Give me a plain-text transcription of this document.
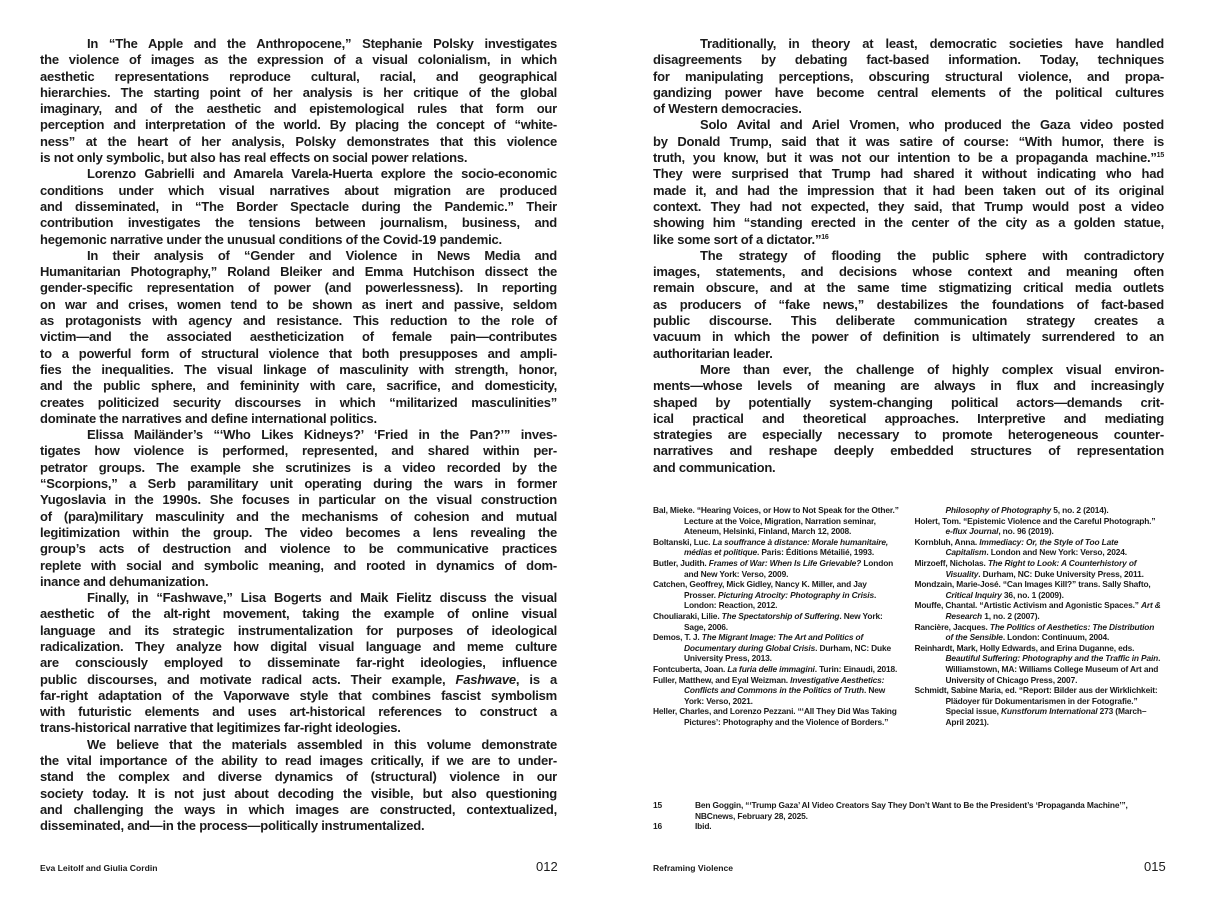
In “The Apple and the Anthropocene,” Stephanie Polsky investigates
the violence of images as the expression of a visual colonialism, in which
aesthetic representations reproduce cultural, racial, and geographical
hierarchies. The starting point of her analysis is her critique of the global
imaginary, and of the aesthetic and epistemological rules that form our
perception and interpretation of the world. By placing the concept of “white-
ness” at the heart of her analysis, Polsky demonstrates that this violence
is not only symbolic, but also has real effects on social power relations.
Lorenzo Gabrielli and Amarela Varela-Huerta explore the socio-economic
conditions under which visual narratives about migration are produced
and disseminated, in “The Border Spectacle during the Pandemic.” Their
contribution investigates the tensions between journalism, business, and
hegemonic narrative under the unusual conditions of the Covid-19 pandemic.
In their analysis of “Gender and Violence in News Media and
Humanitarian Photography,” Roland Bleiker and Emma Hutchison dissect the
gender-specific representation of power (and powerlessness). In reporting
on war and crises, women tend to be shown as inert and passive, seldom
as protagonists with agency and resistance. This reduction to the role of
victim—and the associated aestheticization of female pain—contributes
to a powerful form of structural violence that both presupposes and ampli-
fies the inequalities. The visual linkage of masculinity with strength, honor,
and the public sphere, and femininity with care, sacrifice, and domesticity,
creates politicized security discourses in which “militarized masculinities”
dominate the narratives and define international politics.
Elissa Mailänder’s “‘Who Likes Kidneys?’ ‘Fried in the Pan?’” inves-
tigates how violence is performed, represented, and shared within per-
petrator groups. The example she scrutinizes is a video recorded by the
“Scorpions,” a Serb paramilitary unit operating during the wars in former
Yugoslavia in the 1990s. She focuses in particular on the visual construction
of (para)military masculinity and the mechanisms of cohesion and mutual
legitimization within the group. The video becomes a lens revealing the
group’s acts of destruction and violence to be communicative practices
replete with social and symbolic meaning, and rooted in dynamics of dom-
inance and dehumanization.
Finally, in “Fashwave,” Lisa Bogerts and Maik Fielitz discuss the visual
aesthetic of the alt-right movement, taking the example of online visual
language and its strategic instrumentalization for purposes of ideological
radicalization. They analyze how digital visual language and meme culture
are consciously employed to disseminate far-right ideologies, influence
public discourses, and motivate radical acts. Their example, Fashwave, is a
far-right adaptation of the Vaporwave style that combines fascist symbolism
with futuristic elements and uses art-historical references to construct a
trans-historical narrative that legitimizes far-right ideologies.
We believe that the materials assembled in this volume demonstrate
the vital importance of the ability to read images critically, if we are to under-
stand the complex and diverse dynamics of (structural) violence in our
society today. It is not just about decoding the visible, but also questioning
and challenging the ways in which images are constructed, contextualized,
disseminated, and—in the process—politically instrumentalized.
Traditionally, in theory at least, democratic societies have handled
disagreements by debating fact-based information. Today, techniques
for manipulating perceptions, obscuring structural violence, and propa-
gandizing power have become central elements of the political cultures
of Western democracies.
Solo Avital and Ariel Vromen, who produced the Gaza video posted
by Donald Trump, said that it was satire of course: “With humor, there is
truth, you know, but it was not our intention to be a propaganda machine.”$^{15}$
They were surprised that Trump had shared it without indicating who had
made it, and had the impression that it had been taken out of its original
context. They had not expected, they said, that Trump would post a video
showing him “standing erected in the center of the city as a golden statue,
like some sort of a dictator.”$^{16}$
The strategy of flooding the public sphere with contradictory
images, statements, and decisions whose context and meaning often
remain obscure, and at the same time stigmatizing critical media outlets
as producers of “fake news,” destabilizes the foundations of fact-based
public discourse. This deliberate communication strategy creates a
vacuum in which the power of definition is ultimately surrendered to an
authoritarian leader.
More than ever, the challenge of highly complex visual environ-
ments—whose levels of meaning are always in flux and increasingly
shaped by potentially system-changing political actors—demands crit-
ical practical and theoretical approaches. Interpretive and mediating
strategies are especially necessary to promote heterogeneous counter-
narratives and reshape deeply embedded structures of representation
and communication.
Bal, Mieke. “Hearing Voices, or How to Not Speak for the Other.” Lecture at the Voice, Migration, Narration seminar, Ateneum, Helsinki, Finland, March 12, 2008.
Boltanski, Luc. La souffrance à distance: Morale humanitaire, médias et politique. Paris: Éditions Métailié, 1993.
Butler, Judith. Frames of War: When Is Life Grievable? London and New York: Verso, 2009.
Catchen, Geoffrey, Mick Gidley, Nancy K. Miller, and Jay Prosser. Picturing Atrocity: Photography in Crisis. London: Reaction, 2012.
Chouliaraki, Lilie. The Spectatorship of Suffering. New York: Sage, 2006.
Demos, T. J. The Migrant Image: The Art and Politics of Documentary during Global Crisis. Durham, NC: Duke University Press, 2013.
Fontcuberta, Joan. La furia delle immagini. Turin: Einaudi, 2018.
Fuller, Matthew, and Eyal Weizman. Investigative Aesthetics: Conflicts and Commons in the Politics of Truth. New York: Verso, 2021.
Heller, Charles, and Lorenzo Pezzani. “‘All They Did Was Taking Pictures’: Photography and the Violence of Borders.” Philosophy of Photography 5, no. 2 (2014).
Holert, Tom. “Epistemic Violence and the Careful Photograph.” e-flux Journal, no. 96 (2019).
Kornbluh, Anna. Immediacy: Or, the Style of Too Late Capitalism. London and New York: Verso, 2024.
Mirzoeff, Nicholas. The Right to Look: A Counterhistory of Visuality. Durham, NC: Duke University Press, 2011.
Mondzain, Marie-José. “Can Images Kill?” trans. Sally Shafto, Critical Inquiry 36, no. 1 (2009).
Mouffe, Chantal. “Artistic Activism and Agonistic Spaces.” Art & Research 1, no. 2 (2007).
Rancière, Jacques. The Politics of Aesthetics: The Distribution of the Sensible. London: Continuum, 2004.
Reinhardt, Mark, Holly Edwards, and Erina Duganne, eds. Beautiful Suffering: Photography and the Traffic in Pain. Williamstown, MA: Williams College Museum of Art and University of Chicago Press, 2007.
Schmidt, Sabine Maria, ed. “Report: Bilder aus der Wirklichkeit: Plädoyer für Dokumentarismen in der Fotografie.” Special issue, Kunstforum International 273 (March–April 2021).
15	Ben Goggin, “‘Trump Gaza’ AI Video Creators Say They Don’t Want to Be the President’s ‘Propaganda Machine’”, NBCnews, February 28, 2025.
16	Ibid.
Eva Leitolf and Giulia Cordin	012	Reframing Violence	015
